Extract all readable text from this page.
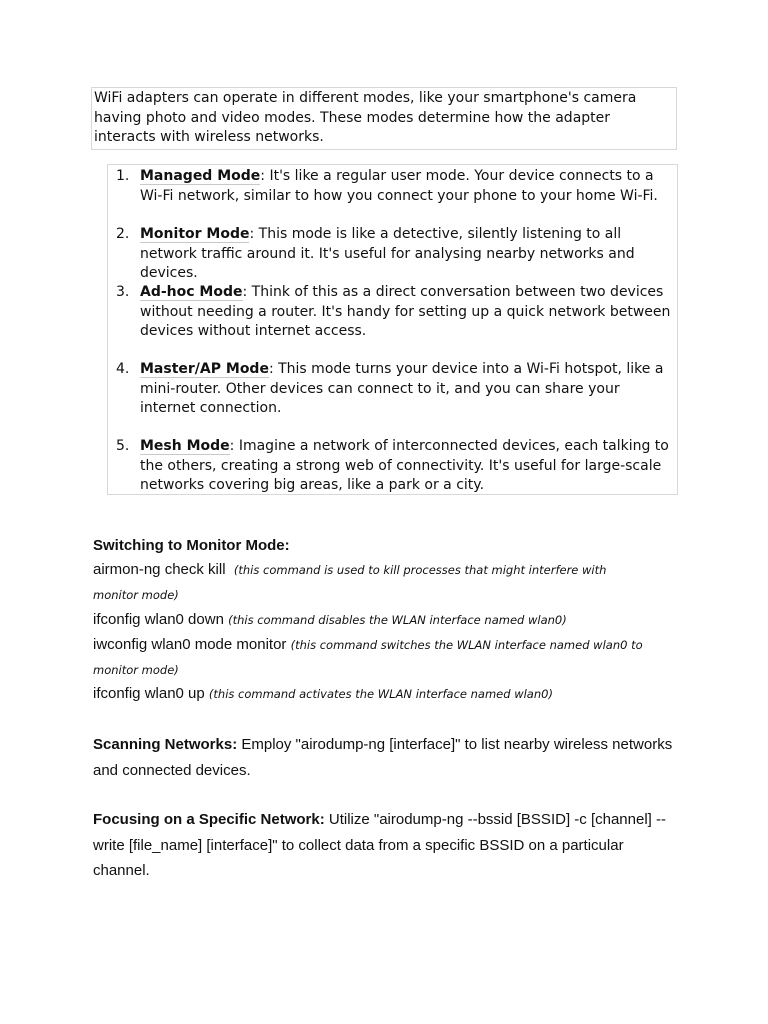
WiFi adapters can operate in different modes, like your smartphone's camera having photo and video modes. These modes determine how the adapter interacts with wireless networks.
1. Managed Mode: It's like a regular user mode. Your device connects to a Wi-Fi network, similar to how you connect your phone to your home Wi-Fi.
2. Monitor Mode: This mode is like a detective, silently listening to all network traffic around it. It's useful for analysing nearby networks and devices.
3. Ad-hoc Mode: Think of this as a direct conversation between two devices without needing a router. It's handy for setting up a quick network between devices without internet access.
4. Master/AP Mode: This mode turns your device into a Wi-Fi hotspot, like a mini-router. Other devices can connect to it, and you can share your internet connection.
5. Mesh Mode: Imagine a network of interconnected devices, each talking to the others, creating a strong web of connectivity. It's useful for large-scale networks covering big areas, like a park or a city.
Switching to Monitor Mode:
airmon-ng check kill (this command is used to kill processes that might interfere with monitor mode)
ifconfig wlan0 down (this command disables the WLAN interface named wlan0)
iwconfig wlan0 mode monitor (this command switches the WLAN interface named wlan0 to monitor mode)
ifconfig wlan0 up (this command activates the WLAN interface named wlan0)
Scanning Networks: Employ "airodump-ng [interface]" to list nearby wireless networks and connected devices.
Focusing on a Specific Network: Utilize "airodump-ng --bssid [BSSID] -c [channel] --write [file_name] [interface]" to collect data from a specific BSSID on a particular channel.
